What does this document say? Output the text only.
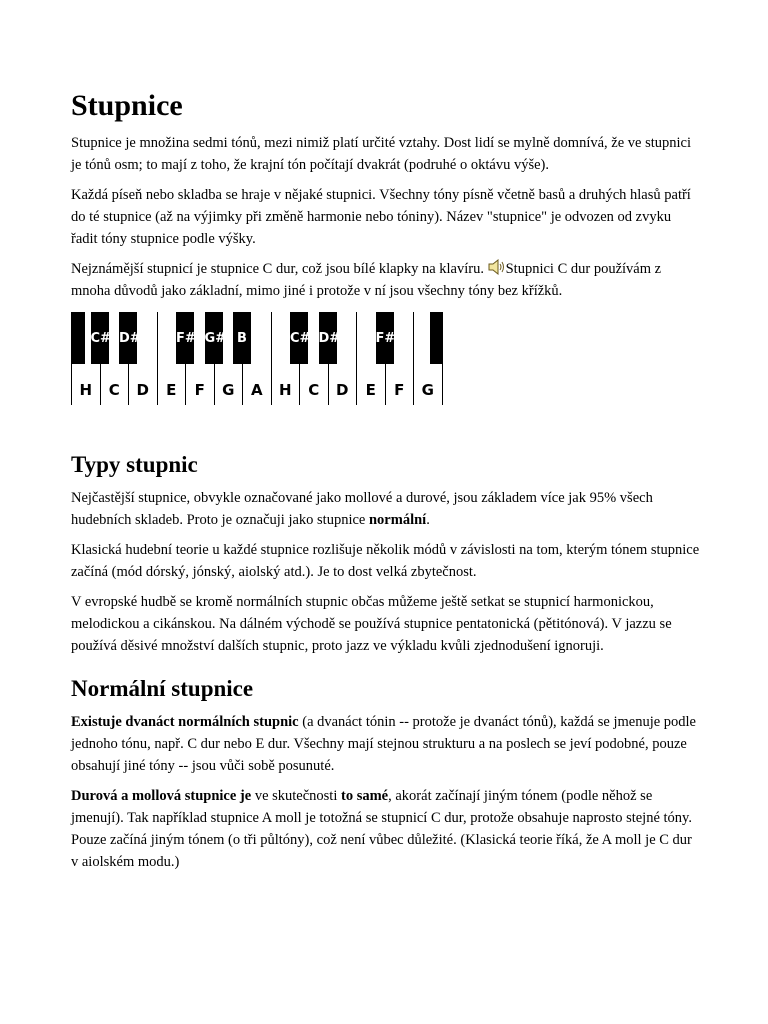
Stupnice

Stupnice je množina sedmi tónů, mezi nimiž platí určité vztahy. Dost lidí se mylně domnívá, že ve stupnici je tónů osm; to mají z toho, že krajní tón počítají dvakrát (podruhé o oktávu výše).

Každá píseň nebo skladba se hraje v nějaké stupnici. Všechny tóny písně včetně basů a druhých hlasů patří do té stupnice (až na výjimky při změně harmonie nebo tóniny). Název "stupnice" je odvozen od zvyku řadit tóny stupnice podle výšky.

Nejznámější stupnicí je stupnice C dur, což jsou bílé klapky na klavíru. Stupnici C dur používám z mnoha důvodů jako základní, mimo jiné i protože v ní jsou všechny tóny bez křížků.

H	C	D	E	F	G	A	H	C	D	E	F	G
C# D#	F# G# B	C# D#	F#
Typy stupnic

Nejčastější stupnice, obvykle označované jako mollové a durové, jsou základem více jak 95% všech hudebních skladeb. Proto je označuji jako stupnice normální.

Klasická hudební teorie u každé stupnice rozlišuje několik módů v závislosti na tom, kterým tónem stupnice začíná (mód dórský, jónský, aiolský atd.). Je to dost velká zbytečnost.

V evropské hudbě se kromě normálních stupnic občas můžeme ještě setkat se stupnicí harmonickou, melodickou a cikánskou. Na dálném východě se používá stupnice pentatonická (pětitónová). V jazzu se používá děsivé množství dalších stupnic, proto jazz ve výkladu kvůli zjednodušení ignoruji.

Normální stupnice

Existuje dvanáct normálních stupnic (a dvanáct tónin -- protože je dvanáct tónů), každá se jmenuje podle jednoho tónu, např. C dur nebo E dur. Všechny mají stejnou strukturu a na poslech se jeví podobné, pouze obsahují jiné tóny -- jsou vůči sobě posunuté.

Durová a mollová stupnice je ve skutečnosti to samé, akorát začínají jiným tónem (podle něhož se jmenují). Tak například stupnice A moll je totožná se stupnicí C dur, protože obsahuje naprosto stejné tóny. Pouze začíná jiným tónem (o tři půltóny), což není vůbec důležité. (Klasická teorie říká, že A moll je C dur v aiolském modu.)
